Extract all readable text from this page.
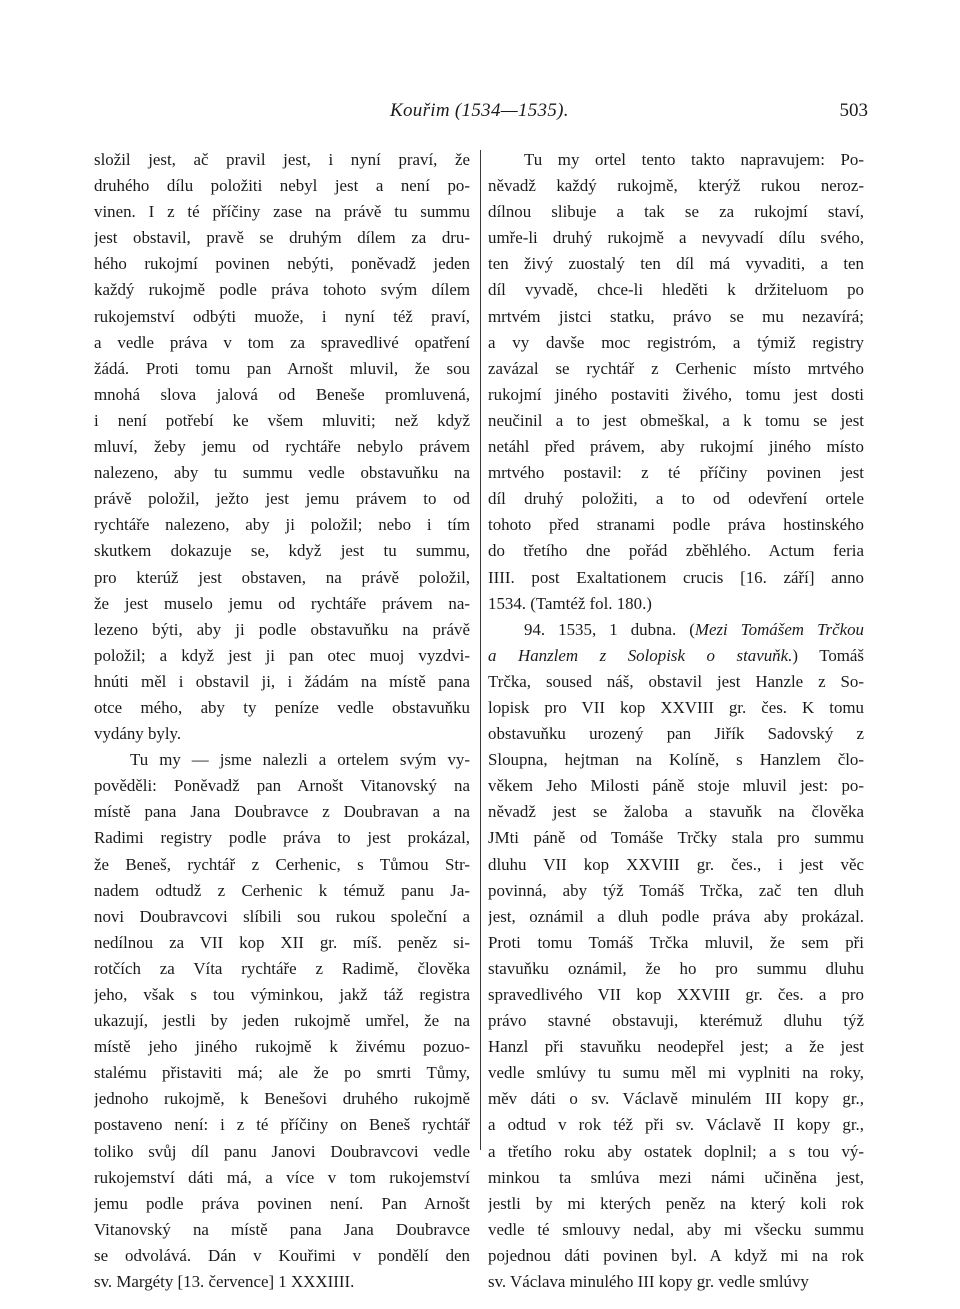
Kouřim (1534—1535).	503
složil jest, ač pravil jest, i nyní praví, že
druhého dílu položiti nebyl jest a není po-
vinen. I z té příčiny zase na právě tu summu
jest obstavil, pravě se druhým dílem za dru-
hého rukojmí povinen nebýti, poněvadž jeden
každý rukojmě podle práva tohoto svým dílem
rukojemství odbýti muože, i nyní též praví,
a vedle práva v tom za spravedlivé opatření
žádá. Proti tomu pan Arnošt mluvil, že sou
mnohá slova jalová od Beneše promluvená,
i není potřebí ke všem mluviti; než když
mluví, žeby jemu od rychtáře nebylo právem
nalezeno, aby tu summu vedle obstavuňku na
právě položil, ježto jest jemu právem to od
rychtáře nalezeno, aby ji položil; nebo i tím
skutkem dokazuje se, když jest tu summu,
pro kterúž jest obstaven, na právě položil,
že jest muselo jemu od rychtáře právem na-
lezeno býti, aby ji podle obstavuňku na právě
položil; a když jest ji pan otec muoj vyzdvi-
hnúti měl i obstavil ji, i žádám na místě pana
otce mého, aby ty peníze vedle obstavuňku
vydány byly.
Tu my — jsme nalezli a ortelem svým vy-
pověděli: Poněvadž pan Arnošt Vitanovský na
místě pana Jana Doubravce z Doubravan a na
Radimi registry podle práva to jest prokázal,
že Beneš, rychtář z Cerhenic, s Tůmou Str-
nadem odtudž z Cerhenic k témuž panu Ja-
novi Doubravcovi slíbili sou rukou společní a
nedílnou za VII kop XII gr. míš. peněz si-
rotčích za Víta rychtáře z Radimě, člověka
jeho, však s tou výminkou, jakž táž registra
ukazují, jestli by jeden rukojmě umřel, že na
místě jeho jiného rukojmě k živému pozuo-
stalému přistaviti má; ale že po smrti Tůmy,
jednoho rukojmě, k Benešovi druhého rukojmě
postaveno není: i z té příčiny on Beneš rychtář
toliko svůj díl panu Janovi Doubravcovi vedle
rukojemství dáti má, a více v tom rukojemství
jemu podle práva povinen není. Pan Arnošt
Vitanovský na místě pana Jana Doubravce
se odvolává. Dán v Kouřimi v pondělí den
sv. Margéty [13. července] 1 XXXIIII.
Tu my ortel tento takto napravujem: Po-
něvadž každý rukojmě, kterýž rukou neroz-
dílnou slibuje a tak se za rukojmí staví,
umře-li druhý rukojmě a nevyvadí dílu svého,
ten živý zuostalý ten díl má vyvaditi, a ten
díl vyvadě, chce-li hleděti k držiteluom po
mrtvém jistci statku, právo se mu nezavírá;
a vy davše moc registróm, a týmiž registry
zavázal se rychtář z Cerhenic místo mrtvého
rukojmí jiného postaviti živého, tomu jest dosti
neučinil a to jest obmeškal, a k tomu se jest
netáhl před právem, aby rukojmí jiného místo
mrtvého postavil: z té příčiny povinen jest
díl druhý položiti, a to od odevření ortele
tohoto před stranami podle práva hostinského
do třetího dne pořád zběhlého. Actum feria
IIII. post Exaltationem crucis [16. září] anno
1534. (Tamtéž fol. 180.)
94. 1535, 1 dubna. (Mezi Tomášem Trčkou
a Hanzlem z Solopisk o stavuňk.) Tomáš
Trčka, soused náš, obstavil jest Hanzle z So-
lopisk pro VII kop XXVIII gr. čes. K tomu
obstavuňku urozený pan Jiřík Sadovský z
Sloupna, hejtman na Kolíně, s Hanzlem člo-
věkem Jeho Milosti páně stoje mluvil jest: po-
něvadž jest se žaloba a stavuňk na člověka
JMti páně od Tomáše Trčky stala pro summu
dluhu VII kop XXVIII gr. čes., i jest věc
povinná, aby týž Tomáš Trčka, zač ten dluh
jest, oznámil a dluh podle práva aby prokázal.
Proti tomu Tomáš Trčka mluvil, že sem při
stavuňku oznámil, že ho pro summu dluhu
spravedlivého VII kop XXVIII gr. čes. a pro
právo stavné obstavuji, kterémuž dluhu týž
Hanzl při stavuňku neodepřel jest; a že jest
vedle smlúvy tu sumu měl mi vyplniti na roky,
měv dáti o sv. Václavě minulém III kopy gr.,
a odtud v rok též při sv. Václavě II kopy gr.,
a třetího roku aby ostatek doplnil; a s tou vý-
minkou ta smlúva mezi námi učiněna jest,
jestli by mi kterých peněz na který koli rok
vedle té smlouvy nedal, aby mi všecku summu
pojednou dáti povinen byl. A když mi na rok
sv. Václava minulého III kopy gr. vedle smlúvy
